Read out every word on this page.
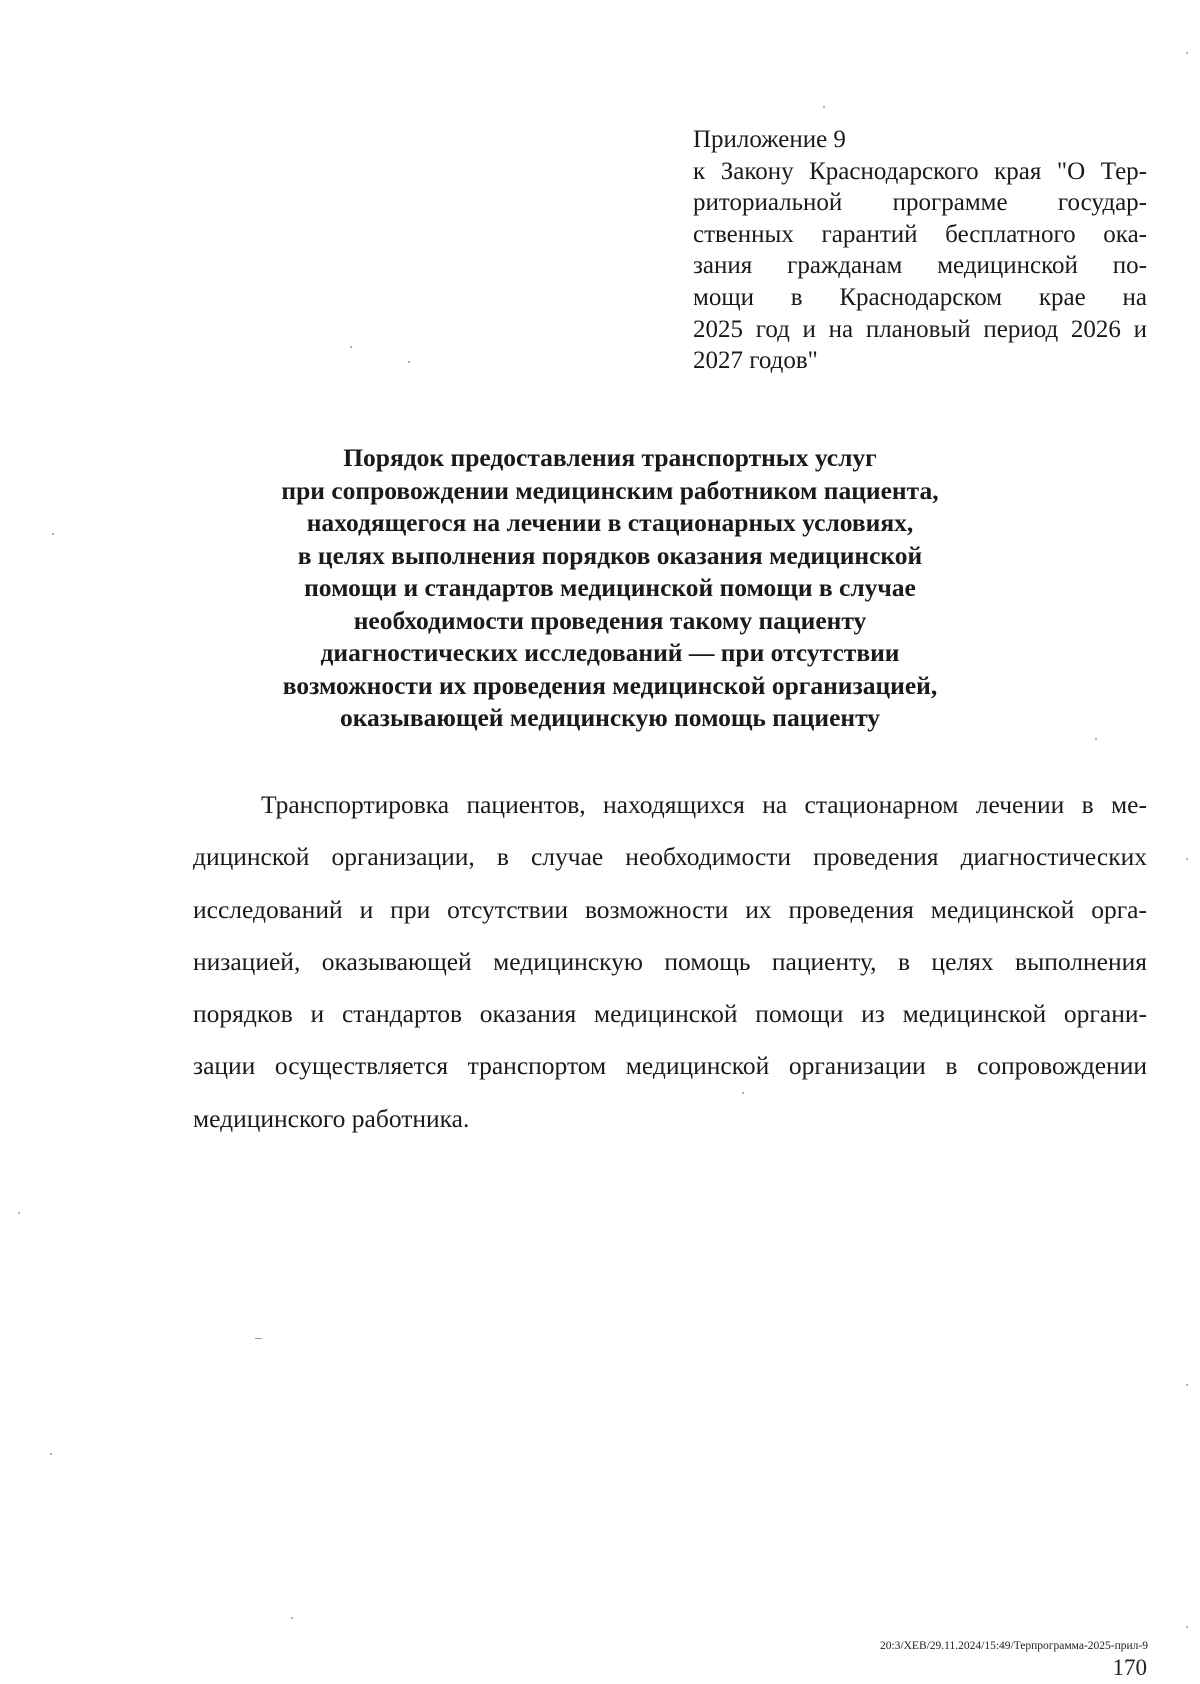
Приложение 9
к Закону Краснодарского края "О Тер-
риториальной программе государ-
ственных гарантий бесплатного ока-
зания гражданам медицинской по-
мощи в Краснодарском крае на
2025 год и на плановый период 2026 и
2027 годов"
Порядок предоставления транспортных услуг
при сопровождении медицинским работником пациента,
находящегося на лечении в стационарных условиях,
в целях выполнения порядков оказания медицинской
помощи и стандартов медицинской помощи в случае
необходимости проведения такому пациенту
диагностических исследований — при отсутствии
возможности их проведения медицинской организацией,
оказывающей медицинскую помощь пациенту

Транспортировка пациентов, находящихся на стационарном лечении в ме-
дицинской организации, в случае необходимости проведения диагностических
исследований и при отсутствии возможности их проведения медицинской орга-
низацией, оказывающей медицинскую помощь пациенту, в целях выполнения
порядков и стандартов оказания медицинской помощи из медицинской органи-
зации осуществляется транспортом медицинской организации в сопровождении
медицинского работника.

20:3/ХЕВ/29.11.2024/15:49/Терпрограмма-2025-прил-9
170
